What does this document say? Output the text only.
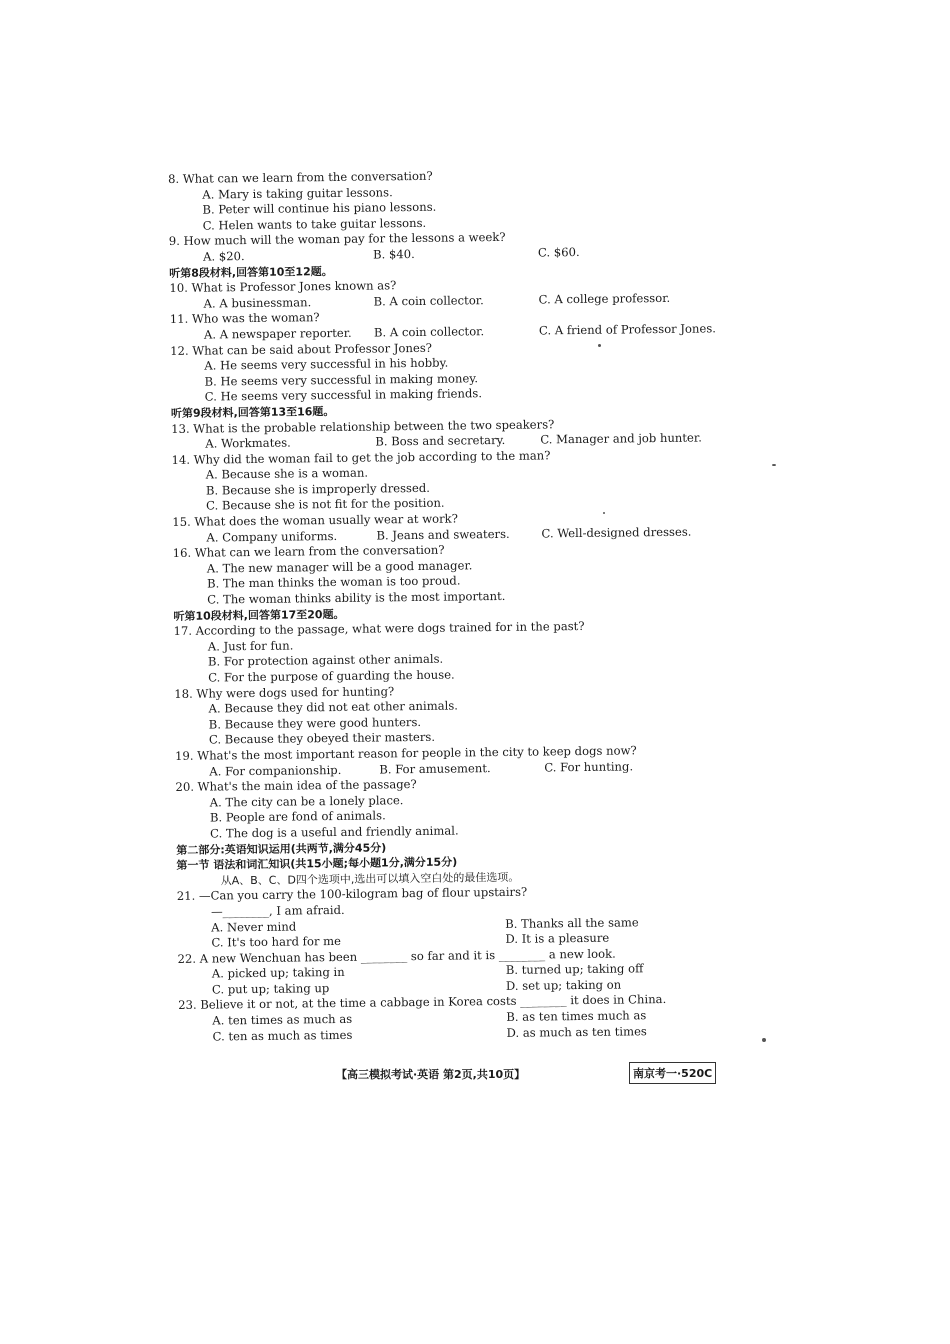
8. What can we learn from the conversation?
A. Mary is taking guitar lessons.
B. Peter will continue his piano lessons.
C. Helen wants to take guitar lessons.
9. How much will the woman pay for the lessons a week?
A. $20.	B. $40.	C. $60.
听第8段材料,回答第10至12题。
10. What is Professor Jones known as?
A. A businessman.	B. A coin collector.	C. A college professor.
11. Who was the woman?
A. A newspaper reporter.	B. A coin collector.	C. A friend of Professor Jones.
12. What can be said about Professor Jones?
A. He seems very successful in his hobby.
B. He seems very successful in making money.
C. He seems very successful in making friends.
听第9段材料,回答第13至16题。
13. What is the probable relationship between the two speakers?
A. Workmates.	B. Boss and secretary.	C. Manager and job hunter.
14. Why did the woman fail to get the job according to the man?
A. Because she is a woman.
B. Because she is improperly dressed.
C. Because she is not fit for the position.
15. What does the woman usually wear at work?
A. Company uniforms.	B. Jeans and sweaters.	C. Well-designed dresses.
16. What can we learn from the conversation?
A. The new manager will be a good manager.
B. The man thinks the woman is too proud.
C. The woman thinks ability is the most important.
听第10段材料,回答第17至20题。
17. According to the passage, what were dogs trained for in the past?
A. Just for fun.
B. For protection against other animals.
C. For the purpose of guarding the house.
18. Why were dogs used for hunting?
A. Because they did not eat other animals.
B. Because they were good hunters.
C. Because they obeyed their masters.
19. What's the most important reason for people in the city to keep dogs now?
A. For companionship.	B. For amusement.	C. For hunting.
20. What's the main idea of the passage?
A. The city can be a lonely place.
B. People are fond of animals.
C. The dog is a useful and friendly animal.
第二部分:英语知识运用(共两节,满分45分)
第一节 语法和词汇知识(共15小题;每小题1分,满分15分)
从A、B、C、D四个选项中,选出可以填入空白处的最佳选项。
21. —Can you carry the 100-kilogram bag of flour upstairs?
—________, I am afraid.
A. Never mind	B. Thanks all the same
C. It's too hard for me	D. It is a pleasure
22. A new Wenchuan has been ________ so far and it is ________ a new look.
A. picked up; taking in	B. turned up; taking off
C. put up; taking up	D. set up; taking on
23. Believe it or not, at the time a cabbage in Korea costs ________ it does in China.
A. ten times as much as	B. as ten times much as
C. ten as much as times	D. as much as ten times
【高三模拟考试·英语 第2页,共10页】	南京考一·520C
